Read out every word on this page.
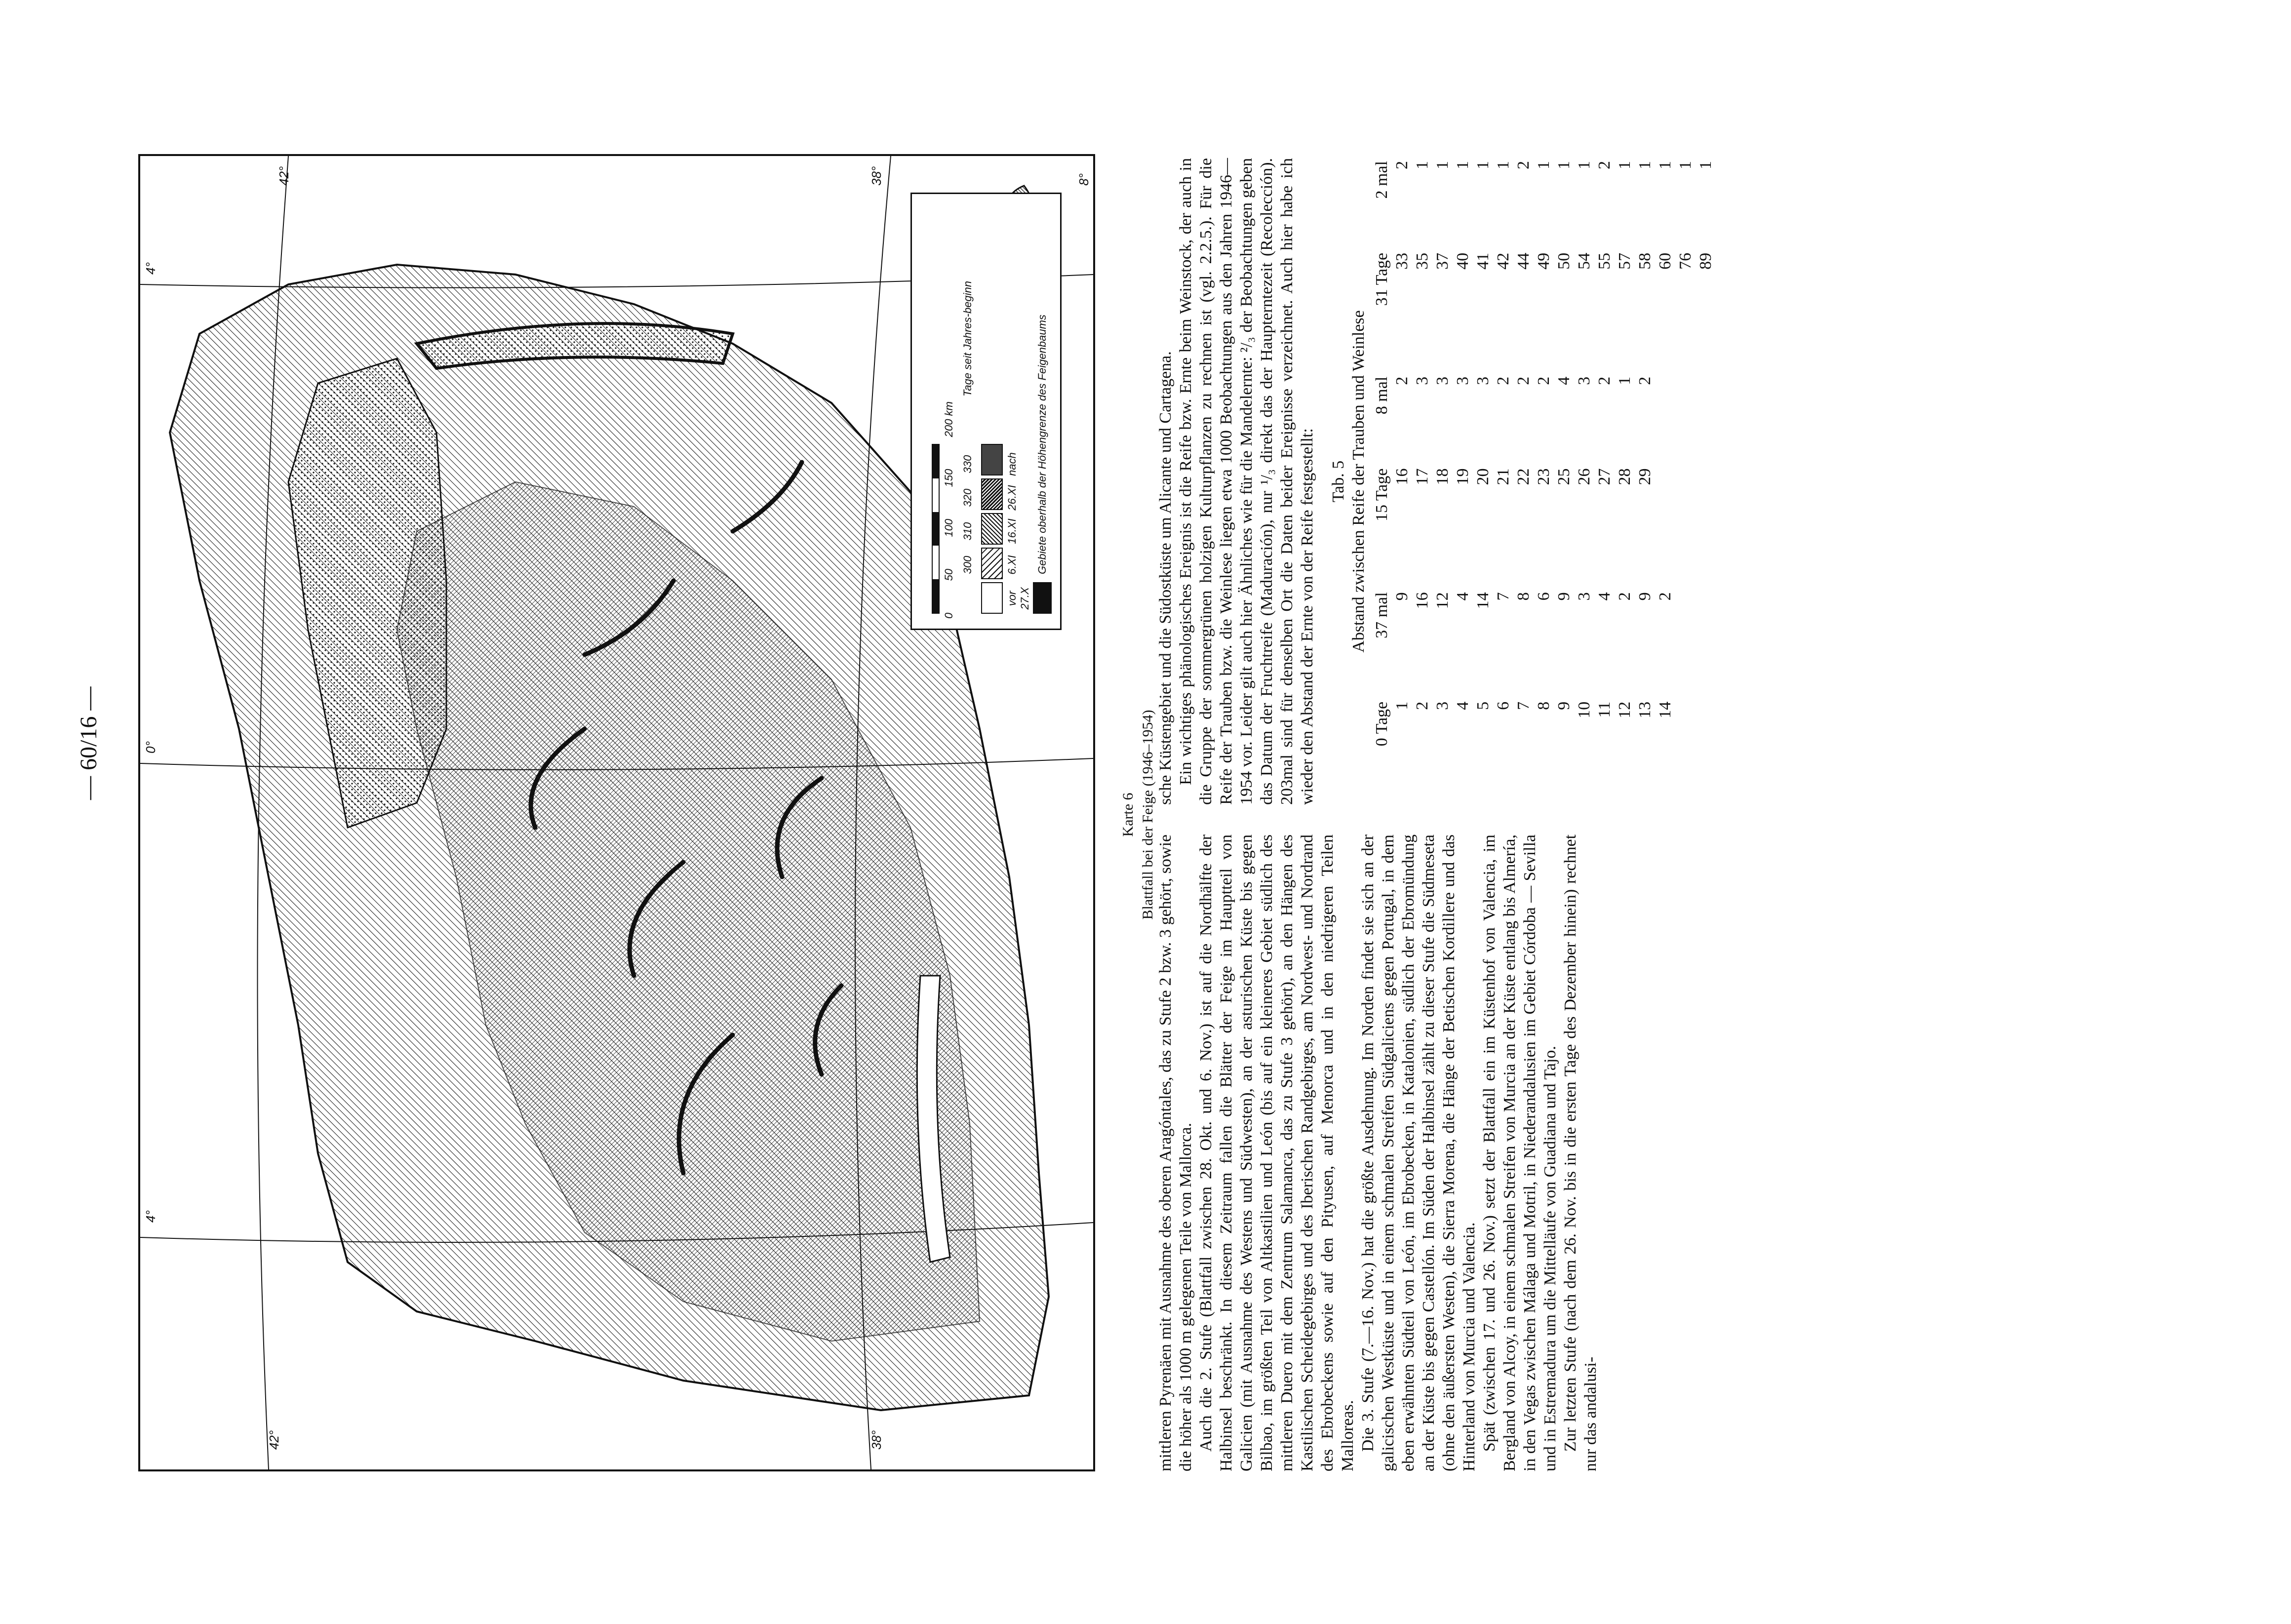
— 60/16 —
42°	38°
4°
0°
4°
8°
38°
42°
0
50
100
150
200 km
300
310
320
330
vor 27.X
6.XI
16.XI
26.XI
nach
Tage seit Jahres-beginn	Gebiete oberhalb der Höhengrenze des Feigenbaums
Karte 6 Blattfall bei der Feige (1946–1954)

mittleren Pyrenäen mit Ausnahme des oberen Aragóntales, das zu Stufe 2 bzw. 3 gehört, sowie die höher als 1000 m gelegenen Teile von Mallorca. Auch die 2. Stufe (Blattfall zwischen 28. Okt. und 6. Nov.) ist auf die Nordhälfte der Halbinsel beschränkt. In diesem Zeitraum fallen die Blätter der Feige im Hauptteil von Galicien (mit Ausnahme des Westens und Südwesten), an der asturischen Küste bis gegen Bilbao, im größten Teil von Altkastilien und León (bis auf ein kleineres Gebiet südlich des mittleren Duero mit dem Zentrum Salamanca, das zu Stufe 3 gehört), an den Hängen des Kastilischen Scheidegebirges und des Iberischen Randgebirges, am Nordwest- und Nordrand des Ebrobeckens sowie auf den Pityusen, auf Menorca und in den niedrigeren Teilen Malloreas. Die 3. Stufe (7.—16. Nov.) hat die größte Ausdehnung. Im Norden findet sie sich an der galicischen Westküste und in einem schmalen Streifen Südgaliciens gegen Portugal, in dem eben erwähnten Südteil von León, im Ebrobecken, in Katalonien, südlich der Ebromündung an der Küste bis gegen Castellón. Im Süden der Halbinsel zählt zu dieser Stufe die Südmeseta (ohne den äußersten Westen), die Sierra Morena, die Hänge der Betischen Kordillere und das Hinterland von Murcia und Valencia. Spät (zwischen 17. und 26. Nov.) setzt der Blattfall ein im Küstenhof von Valencia, im Bergland von Alcoy, in einem schmalen Streifen von Murcia an der Küste entlang bis Almería, in den Vegas zwischen Málaga und Motril, in Niederandalusien im Gebiet Córdoba — Sevilla und in Estremadura um die Mittelläufe von Guadiana und Tajo. Zur letzten Stufe (nach dem 26. Nov. bis in die ersten Tage des Dezember hinein) rechnet nur das andalusi-

sche Küstengebiet und die Südostküste um Alicante und Cartagena. Ein wichtiges phänologisches Ereignis ist die Reife bzw. Ernte beim Weinstock, der auch in die Gruppe der sommergrünen holzigen Kulturpflanzen zu rechnen ist (vgl. 2.2.5.). Für die Reife der Trauben bzw. die Weinlese liegen etwa 1000 Beobachtungen aus den Jahren 1946—1954 vor. Leider gilt auch hier Ähnliches wie für die Mandelernte: ²/₃ der Beobachtungen geben das Datum der Fruchtreife (Maduración), nur ¹/₃ direkt das der Haupterntezeit (Recolección). 203mal sind für denselben Ort die Daten beider Ereignisse verzeichnet. Auch hier habe ich wieder den Abstand der Ernte von der Reife festgestellt: Tab. 5 Abstand zwischen Reife der Trauben und Weinlese
0 Tage	37 mal	15 Tage	8 mal	31 Tage	2 mal
1	9	16	2	33	2
2	16	17	3	35	1
3	12	18	3	37	1
4	4	19	3	40	1
5	14	20	3	41	1
6	7	21	2	42	1
7	8	22	2	44	2
8	6	23	2	49	1
9	9	25	4	50	1
10	3	26	3	54	1
11	4	27	2	55	2
12	2	28	1	57	1
13	9	29	2	58	1
14	2			60	1
				76	1
				89	1
